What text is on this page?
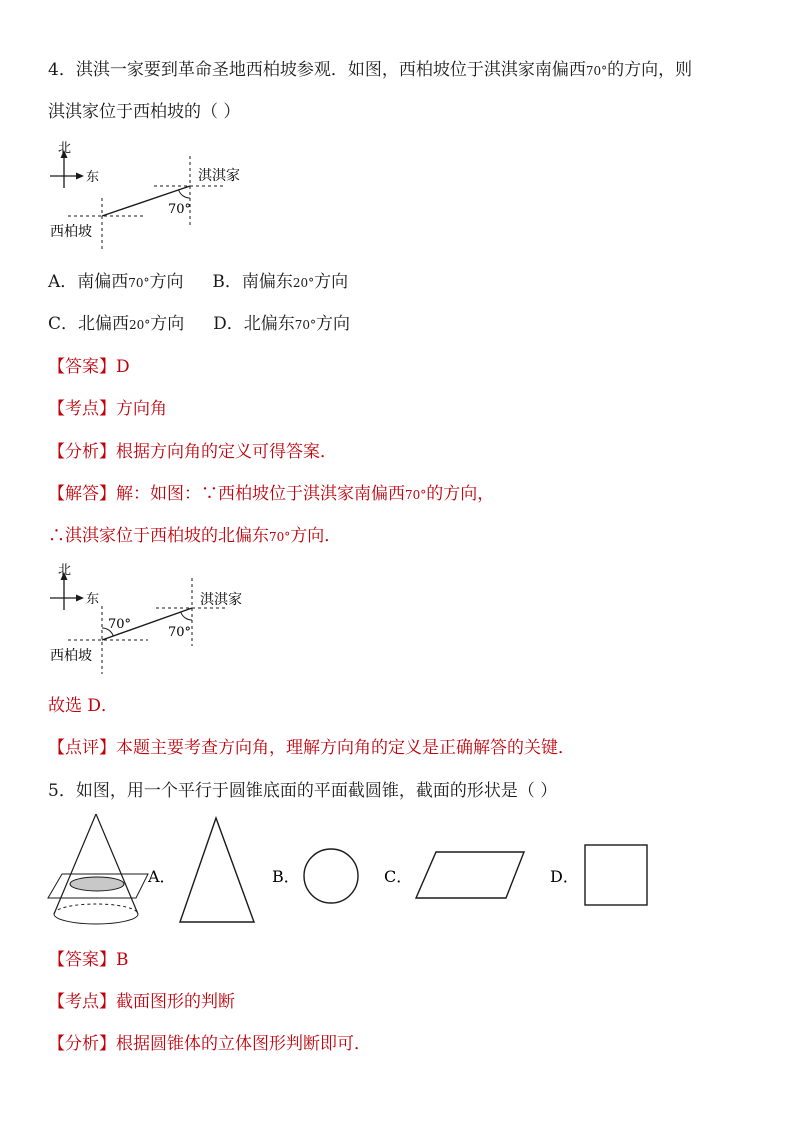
4．淇淇一家要到革命圣地西柏坡参观．如图，西柏坡位于淇淇家南偏西70°的方向，则
淇淇家位于西柏坡的（ ）
北
东
70°
淇淇家
西柏坡
A．南偏西70°方向 B．南偏东20°方向
C．北偏西20°方向 D．北偏东70°方向
【答案】D
【考点】方向角
【分析】根据方向角的定义可得答案．
【解答】解：如图：∵西柏坡位于淇淇家南偏西70°的方向，
∴淇淇家位于西柏坡的北偏东70°方向．
北
东
70°
70°
淇淇家
西柏坡
故选 D．
【点评】本题主要考查方向角，理解方向角的定义是正确解答的关键．
5．如图，用一个平行于圆锥底面的平面截圆锥，截面的形状是（ ）
A．	B．	C．	D．
【答案】B
【考点】截面图形的判断
【分析】根据圆锥体的立体图形判断即可．
